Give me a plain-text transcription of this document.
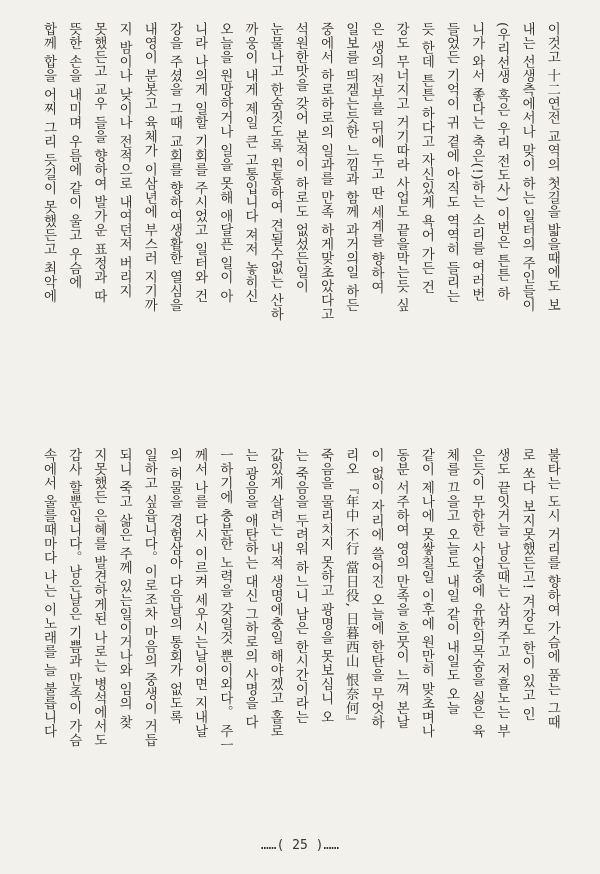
이것고 十二연전 교역의 첫길을 밟을때에도 보
내는 선생측에서나 맞이 하는 일터의 주인들이
(우리선생 혹은 우리 전도사) 이번은 튼튼 하
니가 와서 좋다는 축은(!)하는 소리를 여러번
들었든 기억이 귀 곁에 아직도 역역히 들리는
듯 한데 튼튼 하다고 자신있게 욕어 가든 건
강도 무너지고 거기따라 사업도 끝을막는듯 싶
은 생의 전부를 뒤에 두고 딴 세계를 향하여
일보를 띄겔는듯한 느낌과 함께 과거의일 하든
중에서 하로하로의 일과를 만족 하게맞초았다고
석원한맛을 갖어 본적이 하로도 없섰든일이
눈물나고 한숨짓도록 원통하여 견될수없는 산하
까웅이 내게 제일 큰 고통입니다 져저 놓히신
오늘을 원망하거나 일을 못해 애달픈 일이 아
니라 나의게 일할 기회를 주시었고 일터와 건
강을 주셨을 그때 교회를 향하여생활한 열심을
내영이 분봇고 육체가 이삼년에 부스러 지기까
지 밤이나 낮이나 전적으로 내여던저 버리지
못했든고 교우 들을 향하여 발가운 표정과 따
뜻한 손을 내미며 우름에 같이 울고 우슴에
합께 합을 어찌 그리 듯길이 못했든고 최악에
불타는 도시 거리를 향하여 가슴에 품는 그때
로 쏘다 보지못했든고! 겨강도 한이 있고 인
생도 끝잇거늘 남은때는 삼켜주고 저흘노는 부
은듯이 무한한 사업중에 유한의목숨을 싫은 육
체를 끄을고 오늘도 내일 같이 내일도 오늘
같이 제나에 못쌓칠일 이후에 원만히 맞초며나
동분 서주하여 영의 만족을 흐뭇이 느껴 본날
이 없이 자리에 쓸어진 오늘에 한탄을 무엇하
리오 『年中 不行 當日役, 日暮西山 恨奈何』
죽음을 물리치지 못하고 광명을 못보심니 오
는 죽음을 두려워 하느니 남은 한시간이라는
값있게 살려는 내적 생명에충일 해야겠고 홀로
는 광음을 애탄하는 대신 그하로의 사명을 다
ㅡ하기에 충분한 노력을 갖일것 뿐이외다。 주ㅡ
께서 나를 다시 이르켜 세우시는날이면 지내날
의 허물을 경험삼아 다음날의 통회가 없도록
일하고 싶읍니다。이로조차 마음의 중생이 거듭
되니 죽고 삶은 주께 있는일이거나와 임의 찾
지못했든 은혜를 발견하게된 나로는 병석에서도
감사 할뿐입니다。남은날은 기쁨과 만족이 가슴
속에서 울를때마다 나는 이노래를 늘 불릅니다
……( 25 )……
